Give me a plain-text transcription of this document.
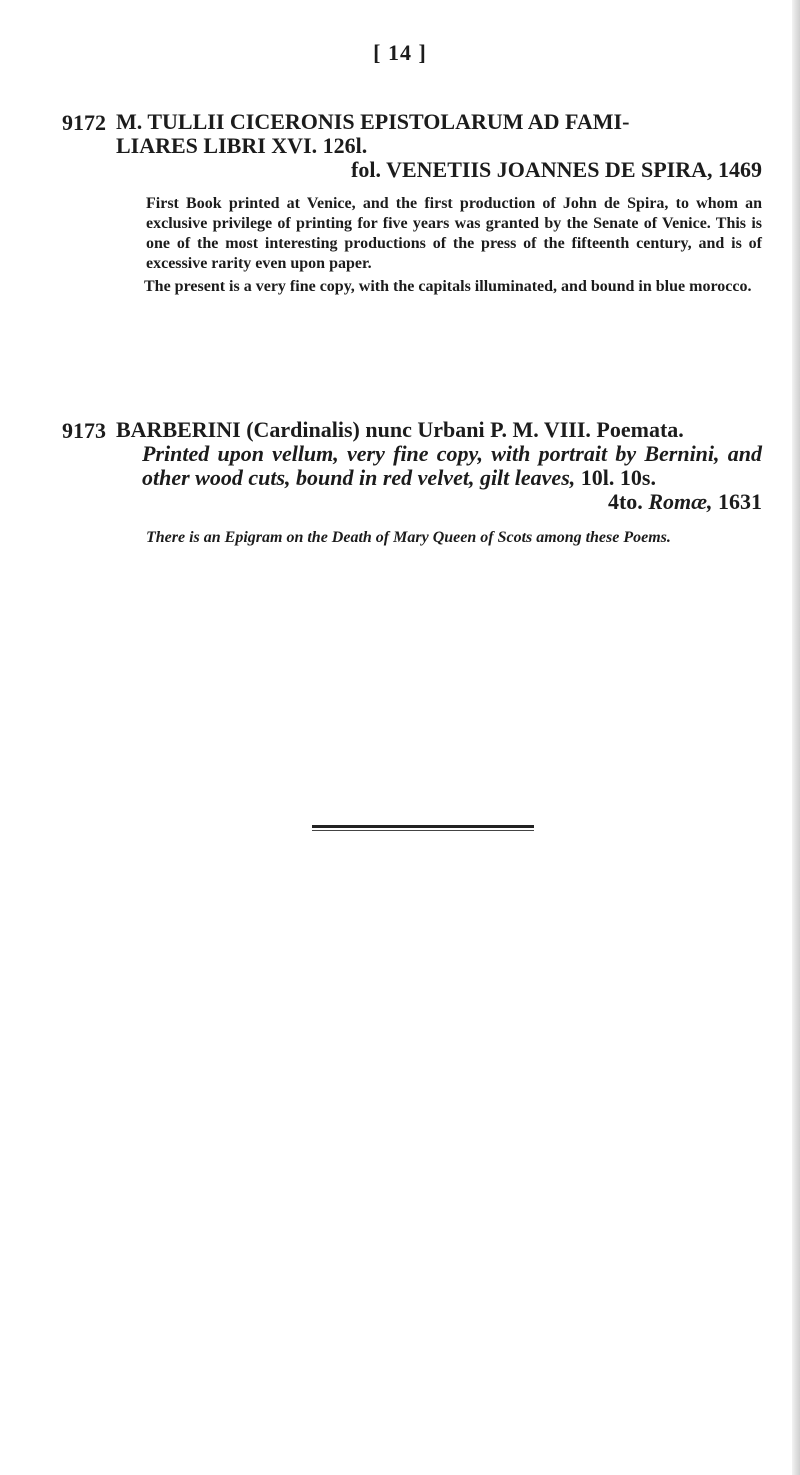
[ 14 ]
9172 M. TULLII CICERONIS EPISTOLARUM AD FAMI-
LIARES LIBRI XVI. 126l.
fol. VENETIIS JOANNES DE SPIRA, 1469

First Book printed at Venice, and the first production of John de Spira, to whom an exclusive privilege of printing for five years was granted by the Senate of Venice. This is one of the most interesting productions of the press of the fifteenth century, and is of excessive rarity even upon paper.

The present is a very fine copy, with the capitals illuminated, and bound in blue morocco.

9173 BARBERINI (Cardinalis) nunc Urbani P. M. VIII. Poemata.
Printed upon vellum, very fine copy, with portrait by Bernini, and other wood cuts, bound in red velvet, gilt leaves, 10l. 10s.
4to. Romæ, 1631
There is an Epigram on the Death of Mary Queen of Scots among these Poems.
